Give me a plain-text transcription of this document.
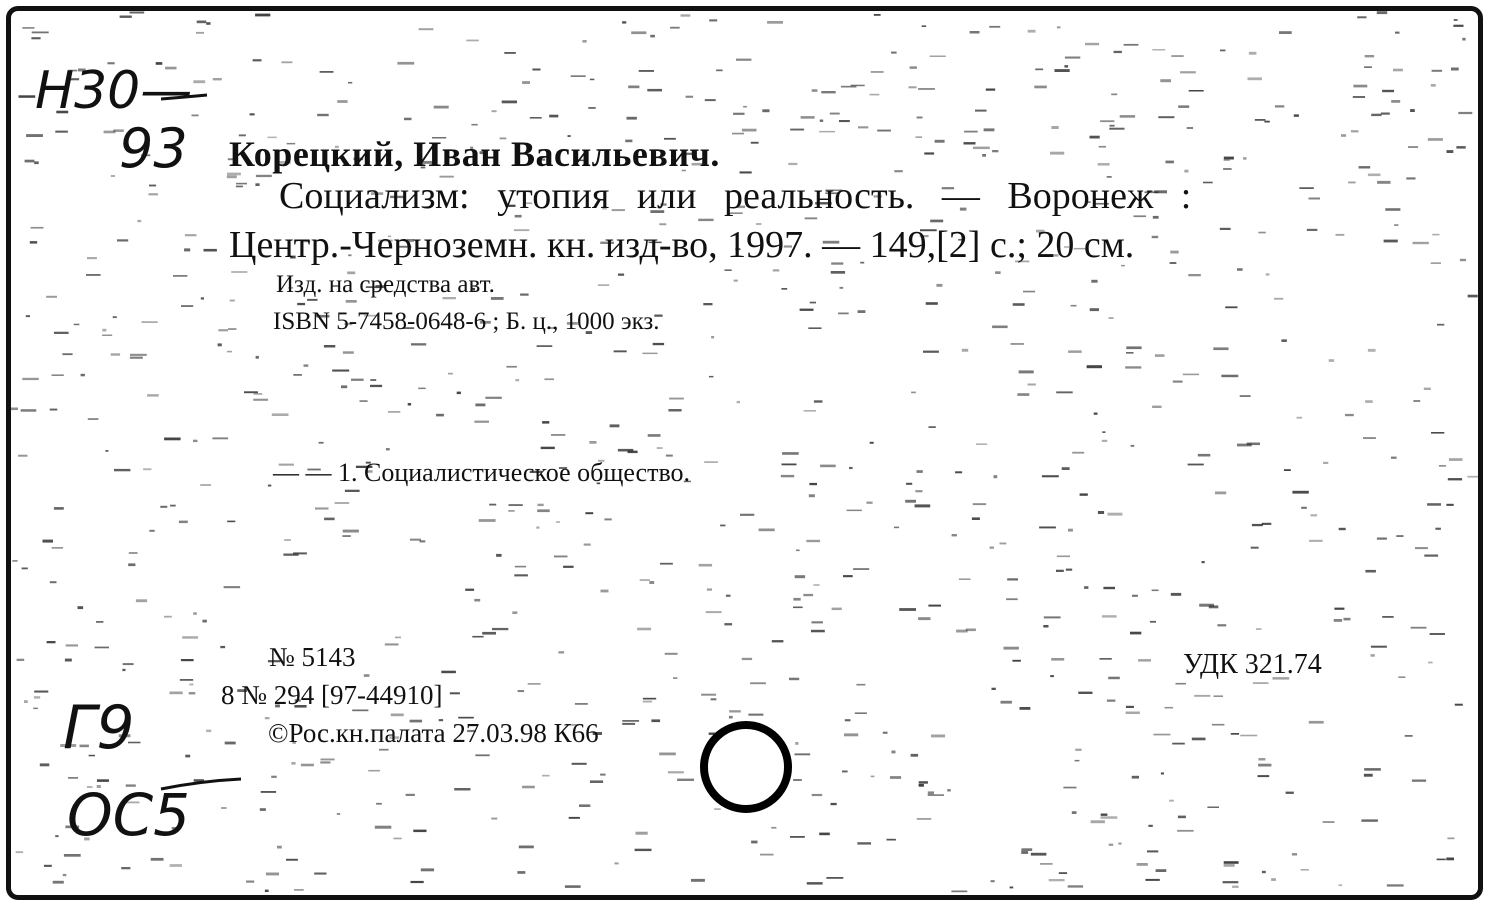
Н30—
93
Г9
ОС5
Корецкий, Иван Васильевич.
Социализм: утопия или реальность. — Воронеж :
Центр.-Черноземн. кн. изд-во, 1997. — 149,[2] с.; 20 см.
Изд. на средства авт.
ISBN 5-7458-0648-6 ; Б. ц., 1000 экз.
— — 1. Социалистическое общество.
№ 5143
8 № 294 [97-44910]
©Рос.кн.палата 27.03.98 К66
УДК 321.74
